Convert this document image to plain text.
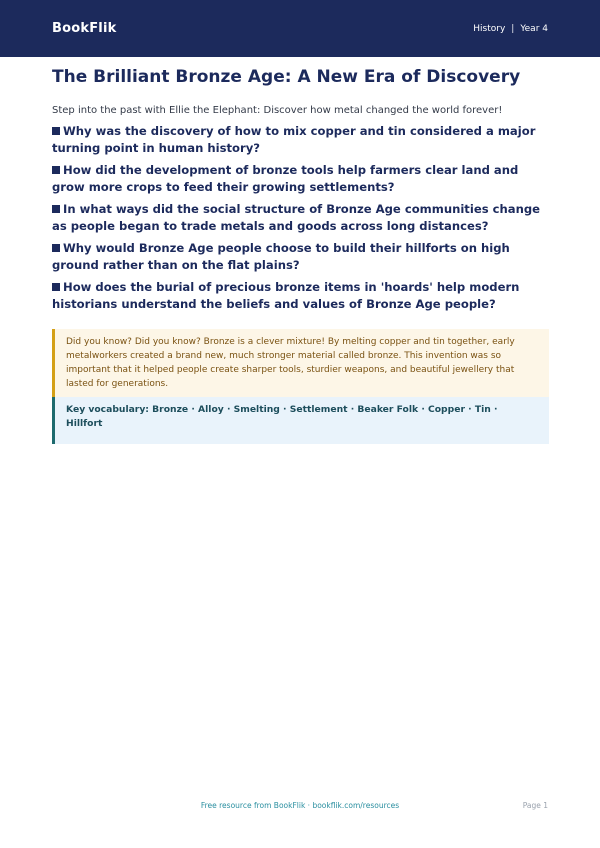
BookFlik	History | Year 4
The Brilliant Bronze Age: A New Era of Discovery

Step into the past with Ellie the Elephant: Discover how metal changed the world forever!

Why was the discovery of how to mix copper and tin considered a major turning point in human history?
How did the development of bronze tools help farmers clear land and grow more crops to feed their growing settlements?
In what ways did the social structure of Bronze Age communities change as people began to trade metals and goods across long distances?
Why would Bronze Age people choose to build their hillforts on high ground rather than on the flat plains?
How does the burial of precious bronze items in 'hoards' help modern historians understand the beliefs and values of Bronze Age people?
Did you know? Did you know? Bronze is a clever mixture! By melting copper and tin together, early metalworkers created a brand new, much stronger material called bronze. This invention was so important that it helped people create sharper tools, sturdier weapons, and beautiful jewellery that lasted for generations.
Key vocabulary: Bronze · Alloy · Smelting · Settlement · Beaker Folk · Copper · Tin · Hillfort
Free resource from BookFlik · bookflik.com/resources	Page 1
